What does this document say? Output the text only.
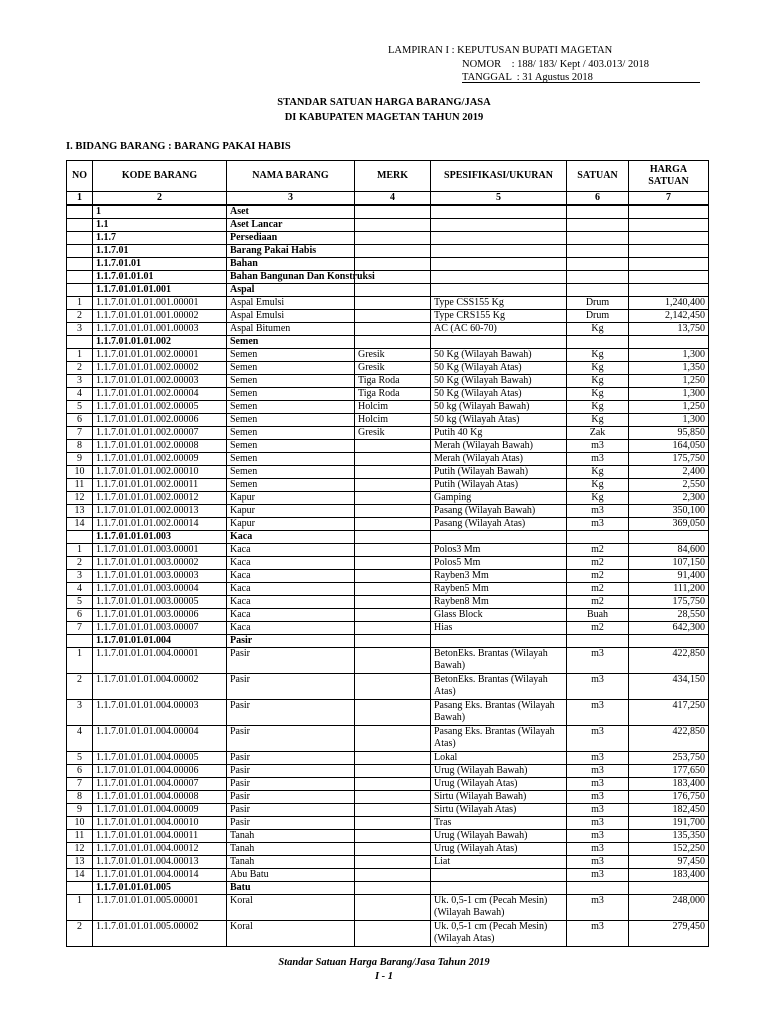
LAMPIRAN I : KEPUTUSAN BUPATI MAGETAN
NOMOR    : 188/ 183/ Kept / 403.013/ 2018
TANGGAL  : 31 Agustus 2018
STANDAR SATUAN HARGA BARANG/JASA
DI KABUPATEN MAGETAN TAHUN 2019
I. BIDANG BARANG : BARANG PAKAI HABIS
NO	KODE BARANG	NAMA BARANG	MERK	SPESIFIKASI/UKURAN	SATUAN	HARGA SATUAN
1	2	3	4	5	6	7
	1	Aset				
	1.1	Aset Lancar				
	1.1.7	Persediaan				
	1.1.7.01	Barang Pakai Habis				
	1.1.7.01.01	Bahan				
	1.1.7.01.01.01	Bahan Bangunan Dan Konstruksi				
	1.1.7.01.01.01.001	Aspal				
1	1.1.7.01.01.01.001.00001	Aspal Emulsi		Type CSS155 Kg	Drum	1,240,400
2	1.1.7.01.01.01.001.00002	Aspal Emulsi		Type CRS155 Kg	Drum	2,142,450
3	1.1.7.01.01.01.001.00003	Aspal Bitumen		AC (AC 60-70)	Kg	13,750
	1.1.7.01.01.01.002	Semen				
1	1.1.7.01.01.01.002.00001	Semen	Gresik	50 Kg (Wilayah Bawah)	Kg	1,300
2	1.1.7.01.01.01.002.00002	Semen	Gresik	50 Kg (Wilayah Atas)	Kg	1,350
3	1.1.7.01.01.01.002.00003	Semen	Tiga Roda	50 Kg (Wilayah Bawah)	Kg	1,250
4	1.1.7.01.01.01.002.00004	Semen	Tiga Roda	50 Kg (Wilayah Atas)	Kg	1,300
5	1.1.7.01.01.01.002.00005	Semen	Holcim	50 kg (Wilayah Bawah)	Kg	1,250
6	1.1.7.01.01.01.002.00006	Semen	Holcim	50 kg (Wilayah Atas)	Kg	1,300
7	1.1.7.01.01.01.002.00007	Semen	Gresik	Putih 40 Kg	Zak	95,850
8	1.1.7.01.01.01.002.00008	Semen		Merah (Wilayah Bawah)	m3	164,050
9	1.1.7.01.01.01.002.00009	Semen		Merah (Wilayah Atas)	m3	175,750
10	1.1.7.01.01.01.002.00010	Semen		Putih (Wilayah Bawah)	Kg	2,400
11	1.1.7.01.01.01.002.00011	Semen		Putih (Wilayah Atas)	Kg	2,550
12	1.1.7.01.01.01.002.00012	Kapur		Gamping	Kg	2,300
13	1.1.7.01.01.01.002.00013	Kapur		Pasang (Wilayah Bawah)	m3	350,100
14	1.1.7.01.01.01.002.00014	Kapur		Pasang (Wilayah Atas)	m3	369,050
	1.1.7.01.01.01.003	Kaca				
1	1.1.7.01.01.01.003.00001	Kaca		Polos3 Mm	m2	84,600
2	1.1.7.01.01.01.003.00002	Kaca		Polos5 Mm	m2	107,150
3	1.1.7.01.01.01.003.00003	Kaca		Rayben3 Mm	m2	91,400
4	1.1.7.01.01.01.003.00004	Kaca		Rayben5 Mm	m2	111,200
5	1.1.7.01.01.01.003.00005	Kaca		Rayben8 Mm	m2	175,750
6	1.1.7.01.01.01.003.00006	Kaca		Glass Block	Buah	28,550
7	1.1.7.01.01.01.003.00007	Kaca		Hias	m2	642,300
	1.1.7.01.01.01.004	Pasir				
1	1.1.7.01.01.01.004.00001	Pasir		BetonEks. Brantas (Wilayah Bawah)	m3	422,850
2	1.1.7.01.01.01.004.00002	Pasir		BetonEks. Brantas (Wilayah Atas)	m3	434,150
3	1.1.7.01.01.01.004.00003	Pasir		Pasang Eks. Brantas (Wilayah Bawah)	m3	417,250
4	1.1.7.01.01.01.004.00004	Pasir		Pasang Eks. Brantas (Wilayah Atas)	m3	422,850
5	1.1.7.01.01.01.004.00005	Pasir		Lokal	m3	253,750
6	1.1.7.01.01.01.004.00006	Pasir		Urug (Wilayah Bawah)	m3	177,650
7	1.1.7.01.01.01.004.00007	Pasir		Urug (Wilayah Atas)	m3	183,400
8	1.1.7.01.01.01.004.00008	Pasir		Sirtu (Wilayah Bawah)	m3	176,750
9	1.1.7.01.01.01.004.00009	Pasir		Sirtu (Wilayah Atas)	m3	182,450
10	1.1.7.01.01.01.004.00010	Pasir		Tras	m3	191,700
11	1.1.7.01.01.01.004.00011	Tanah		Urug (Wilayah Bawah)	m3	135,350
12	1.1.7.01.01.01.004.00012	Tanah		Urug (Wilayah Atas)	m3	152,250
13	1.1.7.01.01.01.004.00013	Tanah		Liat	m3	97,450
14	1.1.7.01.01.01.004.00014	Abu Batu			m3	183,400
	1.1.7.01.01.01.005	Batu				
1	1.1.7.01.01.01.005.00001	Koral		Uk. 0,5-1 cm (Pecah Mesin) (Wilayah Bawah)	m3	248,000
2	1.1.7.01.01.01.005.00002	Koral		Uk. 0,5-1 cm (Pecah Mesin) (Wilayah Atas)	m3	279,450
Standar Satuan Harga Barang/Jasa Tahun 2019
I - 1
